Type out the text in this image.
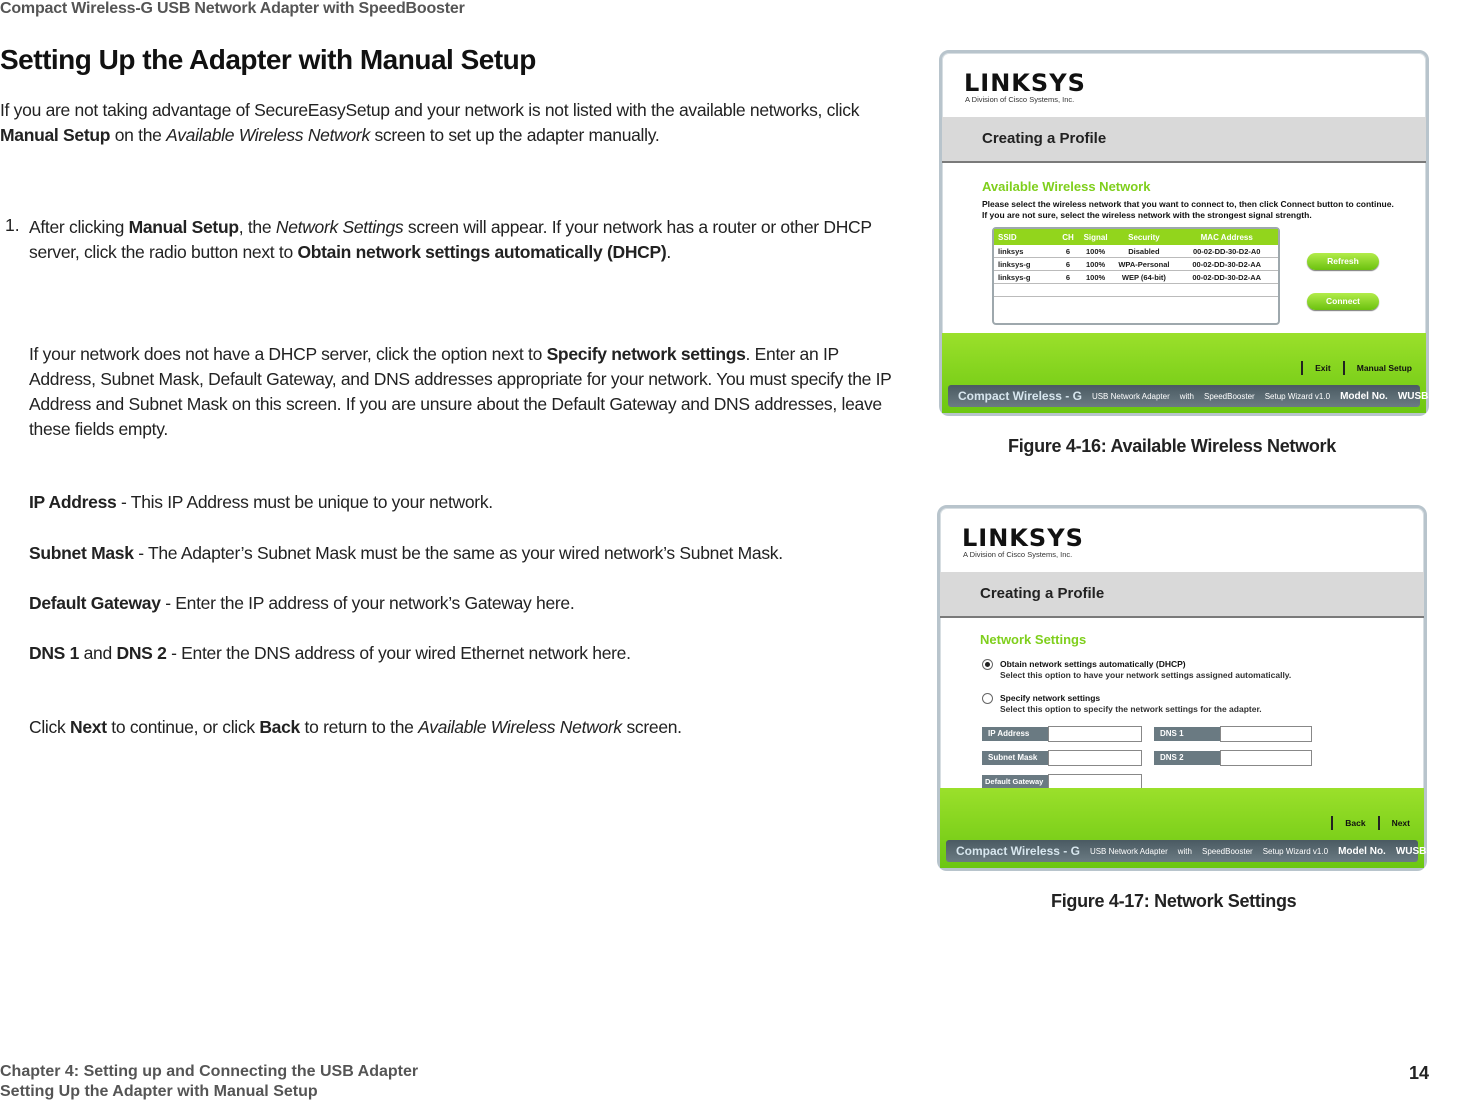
Compact Wireless-G USB Network Adapter with SpeedBooster
Setting Up the Adapter with Manual Setup
If you are not taking advantage of SecureEasySetup and your network is not listed with the available networks, click Manual Setup on the Available Wireless Network screen to set up the adapter manually.
1. After clicking Manual Setup, the Network Settings screen will appear. If your network has a router or other DHCP server, click the radio button next to Obtain network settings automatically (DHCP).
If your network does not have a DHCP server, click the option next to Specify network settings. Enter an IP Address, Subnet Mask, Default Gateway, and DNS addresses appropriate for your network. You must specify the IP Address and Subnet Mask on this screen. If you are unsure about the Default Gateway and DNS addresses, leave these fields empty.
IP Address - This IP Address must be unique to your network.
Subnet Mask - The Adapter’s Subnet Mask must be the same as your wired network’s Subnet Mask.
Default Gateway - Enter the IP address of your network’s Gateway here.
DNS 1 and DNS 2 - Enter the DNS address of your wired Ethernet network here.
Click Next to continue, or click Back to return to the Available Wireless Network screen.
LINKSYS
A Division of Cisco Systems, Inc.
Creating a Profile
Available Wireless Network
Please select the wireless network that you want to connect to, then click Connect button to continue.
If you are not sure, select the wireless network with the strongest signal strength.
SSID	CH	Signal	Security	MAC Address
linksys	6	100%	Disabled	00-02-DD-30-D2-A0
linksys-g	6	100%	WPA-Personal	00-02-DD-30-D2-AA
linksys-g	6	100%	WEP (64-bit)	00-02-DD-30-D2-AA
Refresh
Connect
Exit	Manual Setup
Compact Wireless - G USB Network Adapter with SpeedBooster Setup Wizard v1.0 Model No. WUSB54GSC
Figure 4-16: Available Wireless Network
LINKSYS
A Division of Cisco Systems, Inc.
Creating a Profile
Network Settings
Obtain network settings automatically (DHCP)
Select this option to have your network settings assigned automatically.
Specify network settings
Select this option to specify the network settings for the adapter.
IP Address
Subnet Mask
Default Gateway
DNS 1
DNS 2
Back	Next
Compact Wireless - G USB Network Adapter with SpeedBooster Setup Wizard v1.0 Model No. WUSB54GSC
Figure 4-17: Network Settings
Chapter 4: Setting up and Connecting the USB Adapter
Setting Up the Adapter with Manual Setup
14
